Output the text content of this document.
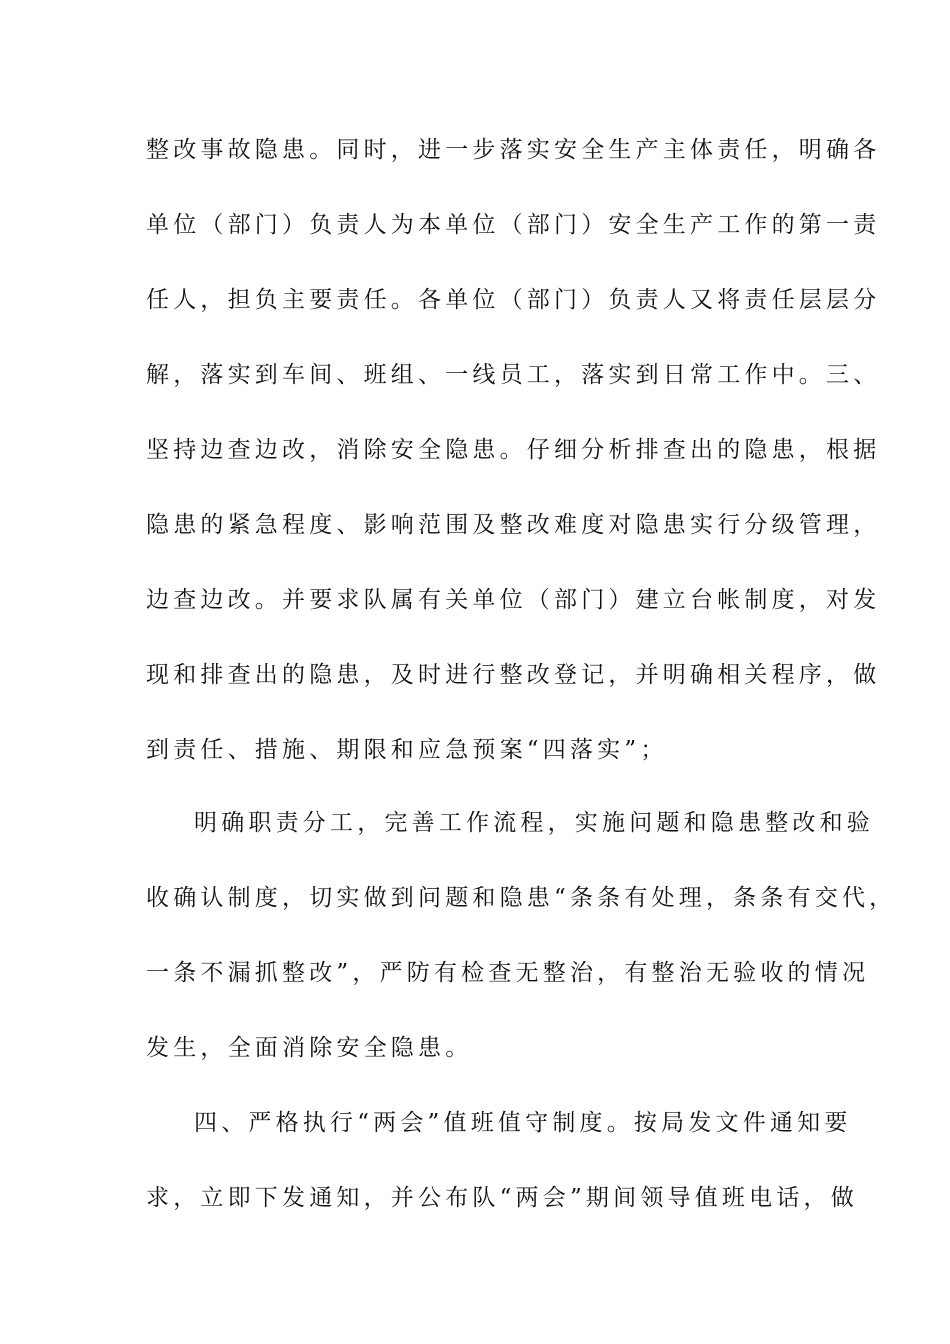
整改事故隐患。同时，进一步落实安全生产主体责任，明确各
单位（部门）负责人为本单位（部门）安全生产工作的第一责
任人，担负主要责任。各单位（部门）负责人又将责任层层分
解，落实到车间、班组、一线员工，落实到日常工作中。三、
坚持边查边改，消除安全隐患。仔细分析排查出的隐患，根据
隐患的紧急程度、影响范围及整改难度对隐患实行分级管理，
边查边改。并要求队属有关单位（部门）建立台帐制度，对发
现和排查出的隐患，及时进行整改登记，并明确相关程序，做
到责任、措施、期限和应急预案“四落实”；
明确职责分工，完善工作流程，实施问题和隐患整改和验
收确认制度，切实做到问题和隐患“条条有处理，条条有交代，
一条不漏抓整改”，严防有检查无整治，有整治无验收的情况
发生，全面消除安全隐患。
四、严格执行“两会”值班值守制度。按局发文件通知要
求，立即下发通知，并公布队“两会”期间领导值班电话，做
